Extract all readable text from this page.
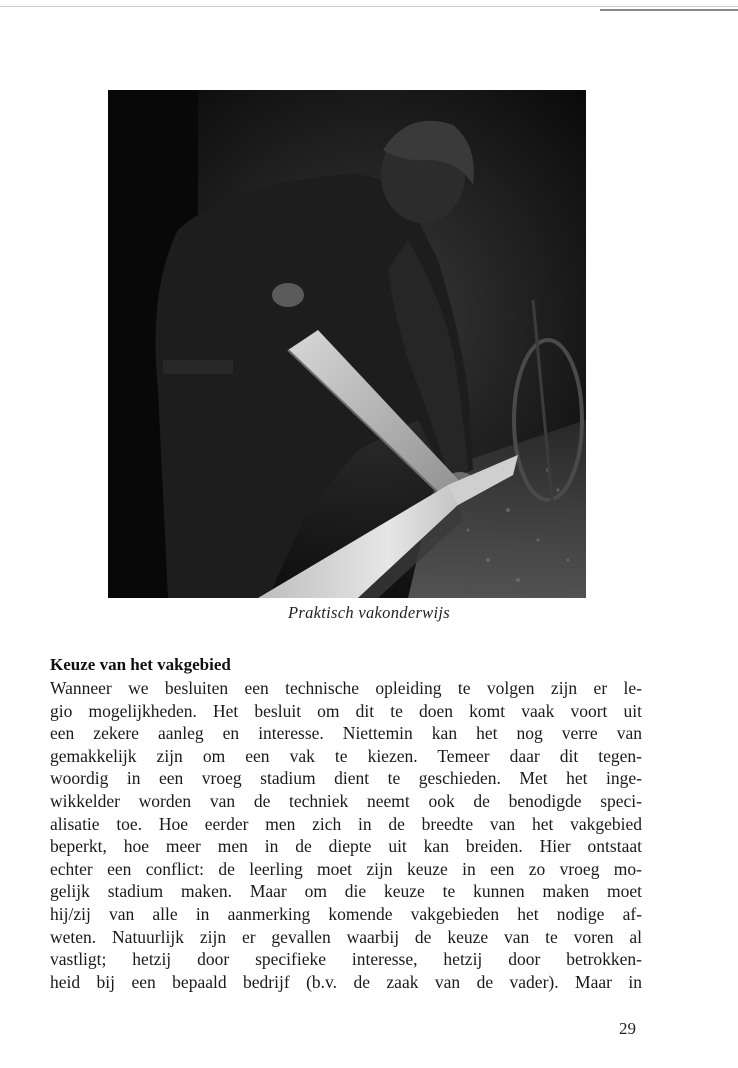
Praktisch vakonderwijs
Keuze van het vakgebied
Wanneer we besluiten een technische opleiding te volgen zijn er le-
gio mogelijkheden. Het besluit om dit te doen komt vaak voort uit
een zekere aanleg en interesse. Niettemin kan het nog verre van
gemakkelijk zijn om een vak te kiezen. Temeer daar dit tegen-
woordig in een vroeg stadium dient te geschieden. Met het inge-
wikkelder worden van de techniek neemt ook de benodigde speci-
alisatie toe. Hoe eerder men zich in de breedte van het vakgebied
beperkt, hoe meer men in de diepte uit kan breiden. Hier ontstaat
echter een conflict: de leerling moet zijn keuze in een zo vroeg mo-
gelijk stadium maken. Maar om die keuze te kunnen maken moet
hij/zij van alle in aanmerking komende vakgebieden het nodige af-
weten. Natuurlijk zijn er gevallen waarbij de keuze van te voren al
vastligt; hetzij door specifieke interesse, hetzij door betrokken-
heid bij een bepaald bedrijf (b.v. de zaak van de vader). Maar in
29
